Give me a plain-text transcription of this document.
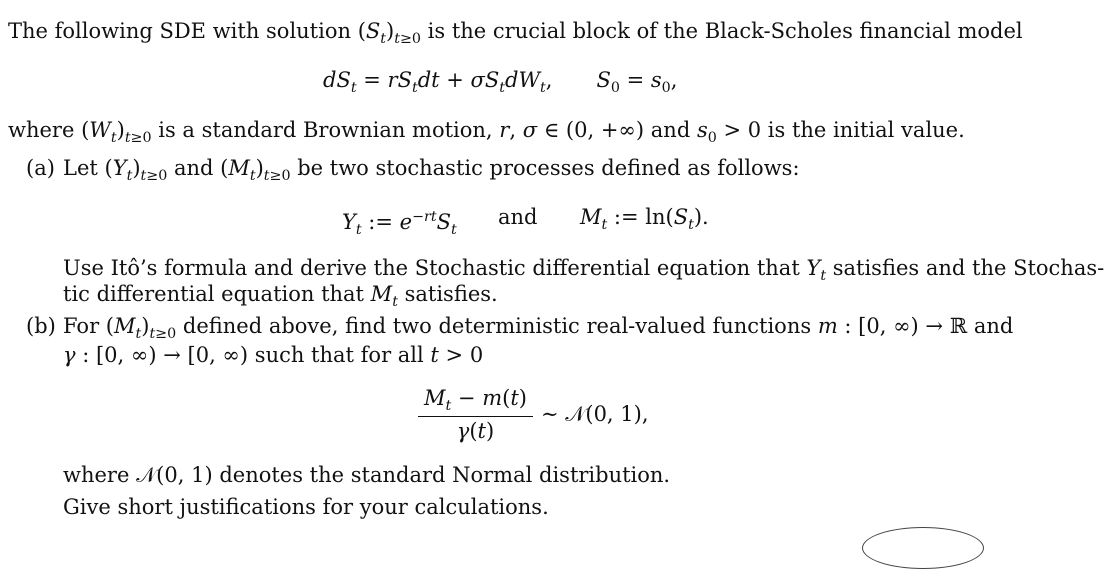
The following SDE with solution $(S_t)_{t\ge 0}$ is the crucial block of the Black-Scholes financial model
$dS_t = rS_tdt + \sigma S_tdW_t$, $S_0 = s_0$,
where $(W_t)_{t\ge 0}$ is a standard Brownian motion, r, σ ∈ (0, +∞) and $s_0 > 0$ is the initial value.
(a) Let $(Y_t)_{t\ge 0}$ and $(M_t)_{t\ge 0}$ be two stochastic processes defined as follows:
$Y_t$ := $e^{-rt}S_t$
and $M_t$ := $\ln(S_t)$.
Use Itô’s formula and derive the Stochastic differential equation that $Y_t$ satisfies and the Stochas-
tic differential equation that $M_t$ satisfies.
(b) For $(M_t)_{t\ge 0}$ defined above, find two deterministic real-valued functions m : [0, ∞) → ℝ and
γ : [0, ∞) → [0, ∞) such that for all t > 0
$\frac{M_t - m(t)}{\gamma(t)}$ ∼ 𝒩(0, 1),
where 𝒩(0, 1) denotes the standard Normal distribution.
Give short justifications for your calculations.
